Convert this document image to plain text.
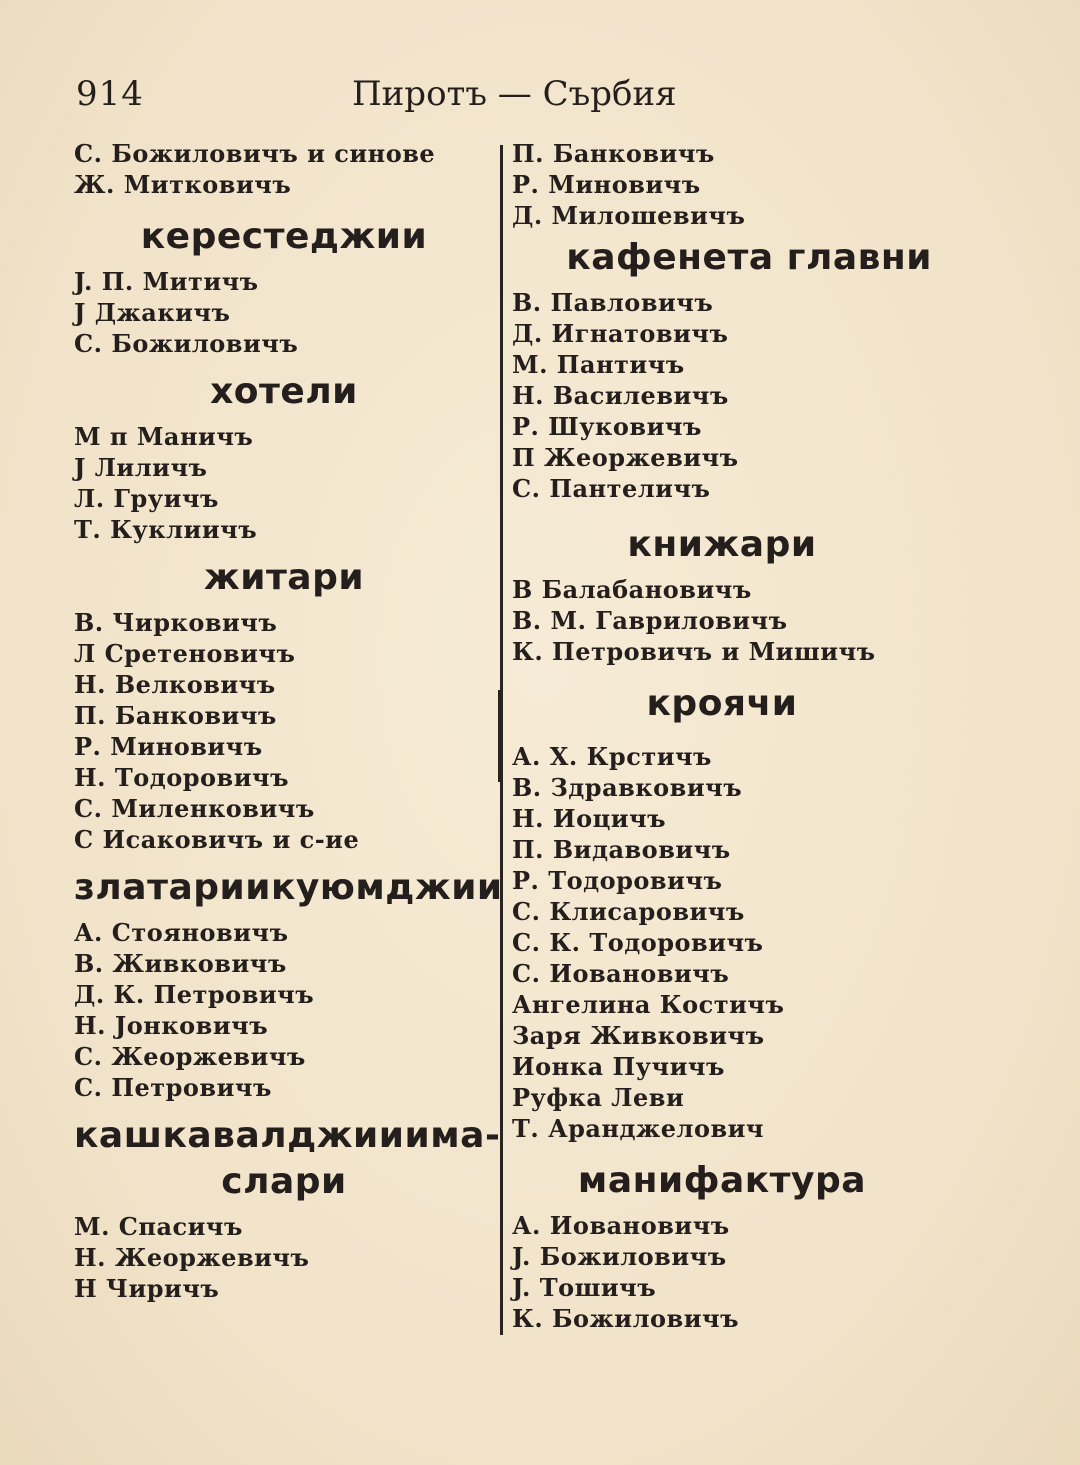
914	Пиротъ — Сърбия
С. Божиловичъ и синове
Ж. Митковичъ
керестеджии
J. П. Митичъ
J Джакичъ
С. Божиловичъ
хотели
М п Маничъ
J Лиличъ
Л. Груичъ
Т. Куклиичъ
житари
В. Чирковичъ
Л Сретеновичъ
Н. Велковичъ
П. Банковичъ
Р. Миновичъ
Н. Тодоровичъ
С. Миленковичъ
С Исаковичъ и с-ие
златари и куюмджии
А. Стояновичъ
В. Живковичъ
Д. К. Петровичъ
Н. Јонковичъ
С. Жеоржевичъ
С. Петровичъ
кашкавалджии и ма-
слари
М. Спасичъ
Н. Жеоржевичъ
Н Чиричъ
П. Банковичъ
Р. Миновичъ
Д. Милошевичъ
кафенета главни
В. Павловичъ
Д. Игнатовичъ
М. Пантичъ
Н. Василевичъ
Р. Шуковичъ
П Жеоржевичъ
С. Пантеличъ
книжари
В Балабановичъ
В. М. Гавриловичъ
К. Петровичъ и Мишичъ
кроячи
А. Х. Крстичъ
В. Здравковичъ
Н. Иоцичъ
П. Видавовичъ
Р. Тодоровичъ
С. Клисаровичъ
С. К. Тодоровичъ
С. Иовановичъ
Ангелина Костичъ
Заря Живковичъ
Ионка Пучичъ
Руфка Леви
Т. Аранджелович
манифактура
А. Иовановичъ
J. Божиловичъ
J. Тошичъ
К. Божиловичъ
